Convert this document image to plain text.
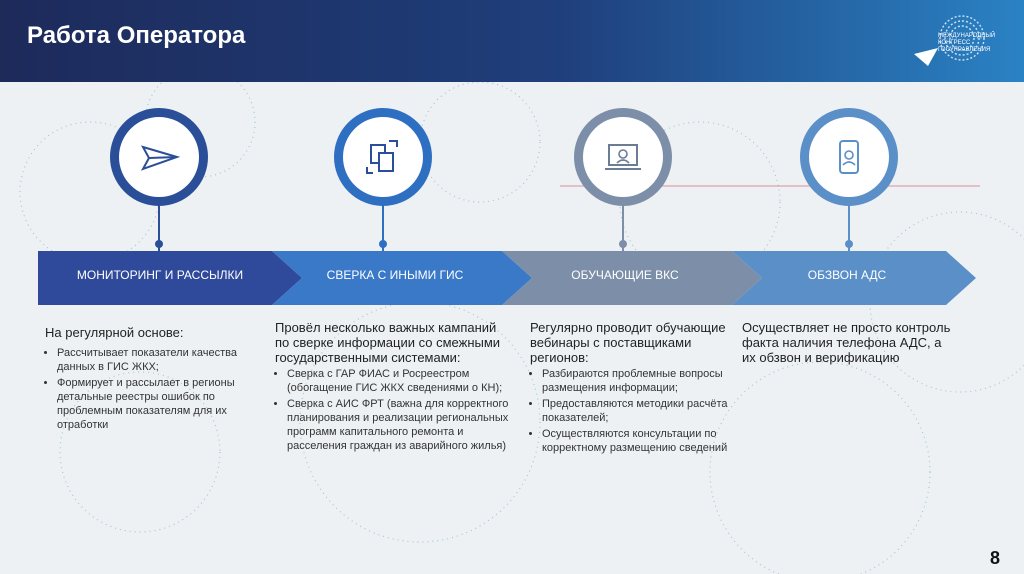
Работа Оператора	МЕЖДУНАРОДНЫЙ КОНГРЕСС ГОСУПРАВЛЕНИЯ
МОНИТОРИНГ И РАССЫЛКИ	СВЕРКА С ИНЫМИ ГИС	ОБУЧАЮЩИЕ ВКС	ОБЗВОН АДС
На регулярной основе:
• Рассчитывает показатели качества данных в ГИС ЖКХ;
• Формирует и рассылает в регионы детальные реестры ошибок по проблемным показателям для их отработки
Провёл несколько важных кампаний по сверке информации со смежными государственными системами:
• Сверка с ГАР ФИАС и Росреестром (обогащение ГИС ЖКХ сведениями о КН);
• Сверка с АИС ФРТ (важна для корректного планирования и реализации региональных программ капитального ремонта и расселения граждан из аварийного жилья)
Регулярно проводит обучающие вебинары с поставщиками регионов:
• Разбираются проблемные вопросы размещения информации;
• Предоставляются методики расчёта показателей;
• Осуществляются консультации по корректному размещению сведений
Осуществляет не просто контроль факта наличия телефона АДС, а их обзвон и верификацию
8
